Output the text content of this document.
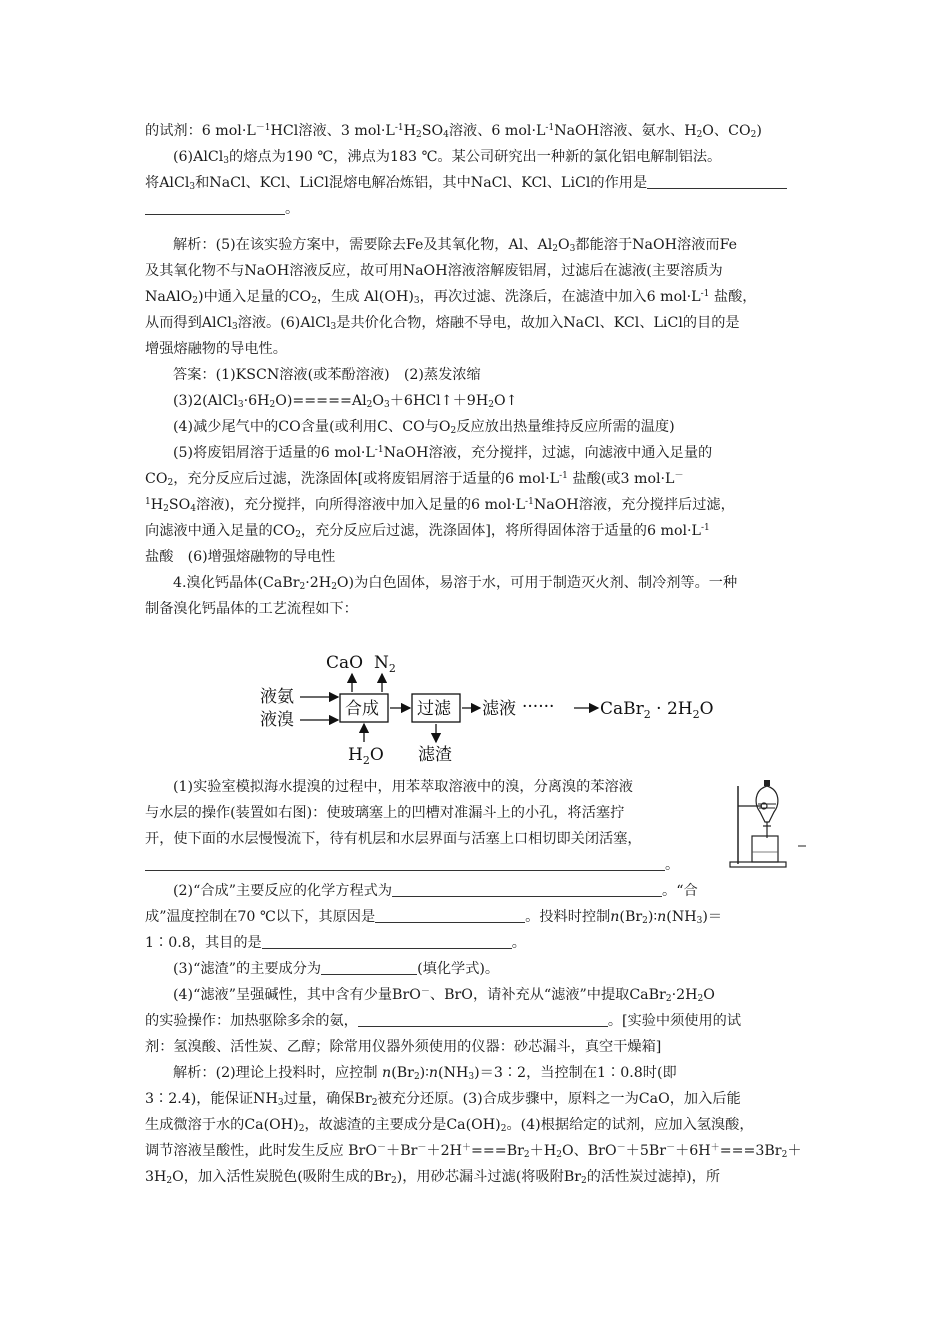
的试剂：6 $mol\cdot L^{-1}HCl$溶液、3 $mol\cdot L^{-1}H_2SO_4$溶液、6 $mol\cdot L^{-1}NaOH$溶液、氨水、$H_2O$、$CO_2$)
(6)AlCl$_3$的熔点为190 ℃，沸点为183 ℃。某公司研究出一种新的氯化铝电解制铝法。
将AlCl$_3$和NaCl、KCl、LiCl混熔电解冶炼铝，其中NaCl、KCl、LiCl的作用是
。
解析：(5)在该实验方案中，需要除去Fe及其氧化物，Al、$Al_2O_3$都能溶于NaOH溶液而Fe
及其氧化物不与NaOH溶液反应，故可用NaOH溶液溶解废铝屑，过滤后在滤液(主要溶质为
NaAlO$_2$)中通入足量的$CO_2$，生成 $Al(OH)_3$，再次过滤、洗涤后，在滤渣中加入6 $mol\cdot L^{-1}$ 盐酸，
从而得到AlCl$_3$溶液。(6)AlCl$_3$是共价化合物，熔融不导电，故加入NaCl、KCl、LiCl的目的是
增强熔融物的导电性。
答案：(1)KSCN溶液(或苯酚溶液)　(2)蒸发浓缩
$(3)2(AlCl_3\cdot 6H_2O)=====Al_2O_3+6HCl↑+9H_2O↑$
(4)减少尾气中的CO含量(或利用C、CO与$O_2$反应放出热量维持反应所需的温度)
(5)将废铝屑溶于适量的6 $mol\cdot L^{-1}NaOH$溶液，充分搅拌，过滤，向滤液中通入足量的
$CO_2$，充分反应后过滤，洗涤固体[或将废铝屑溶于适量的6 $mol\cdot L^{-1}$ 盐酸(或3 mol·L－
$^1H_2SO_4$溶液)，充分搅拌，向所得溶液中加入足量的6 $mol\cdot L^{-1}NaOH$溶液，充分搅拌后过滤，
向滤液中通入足量的$CO_2$，充分反应后过滤，洗涤固体]，将所得固体溶于适量的6 $mol\cdot L^{-1}$
盐酸　(6)增强熔融物的导电性
4.溴化钙晶体$(CaBr_2\cdot 2H_2O)$为白色固体，易溶于水，可用于制造灭火剂、制冷剂等。一种
制备溴化钙晶体的工艺流程如下：
CaO $N_2$
液氨
液溴
合成 过滤 滤液 ······	CaBr$_2$ · $2H_2O$
$H_2O$ 滤渣
(1)实验室模拟海水提溴的过程中，用苯萃取溶液中的溴，分离溴的苯溶液
与水层的操作(装置如右图)：使玻璃塞上的凹槽对准漏斗上的小孔，将活塞拧
开，使下面的水层慢慢流下，待有机层和水层界面与活塞上口相切即关闭活塞，
。
(2)“合成”主要反应的化学方程式为	。“合
成”温度控制在70 ℃以下，其原因是	。投料时控制$n(Br_2)∶n(NH_3)=$
1∶0.8，其目的是	。
(3)“滤渣”的主要成分为	(填化学式)。
(4)“滤液”呈强碱性，其中含有少量BrO－、BrO，请补充从“滤液”中提取$CaBr_2\cdot 2H_2O$
的实验操作：加热驱除多余的氨，	。[实验中须使用的试
剂：氢溴酸、活性炭、乙醇；除常用仪器外须使用的仪器：砂芯漏斗，真空干燥箱]
解析：(2)理论上投料时，应控制 $n(Br_2)∶n(NH_3)=3∶2$，当控制在1∶0.8时(即
3∶2.4)，能保证$NH_3$过量，确保$Br_2$被充分还原。(3)合成步骤中，原料之一为CaO，加入后能
生成微溶于水的$Ca(OH)_2$，故滤渣的主要成分是$Ca(OH)_2$。(4)根据给定的试剂，应加入氢溴酸，
调节溶液呈酸性，此时发生反应 $BrO^-+Br^-+2H^+===Br_2+H_2O$、$BrO^-+5Br^-+6H^+===3Br_2+$
$3H_2O$，加入活性炭脱色(吸附生成的$Br_2$)，用砂芯漏斗过滤(将吸附$Br_2$的活性炭过滤掉)，所
